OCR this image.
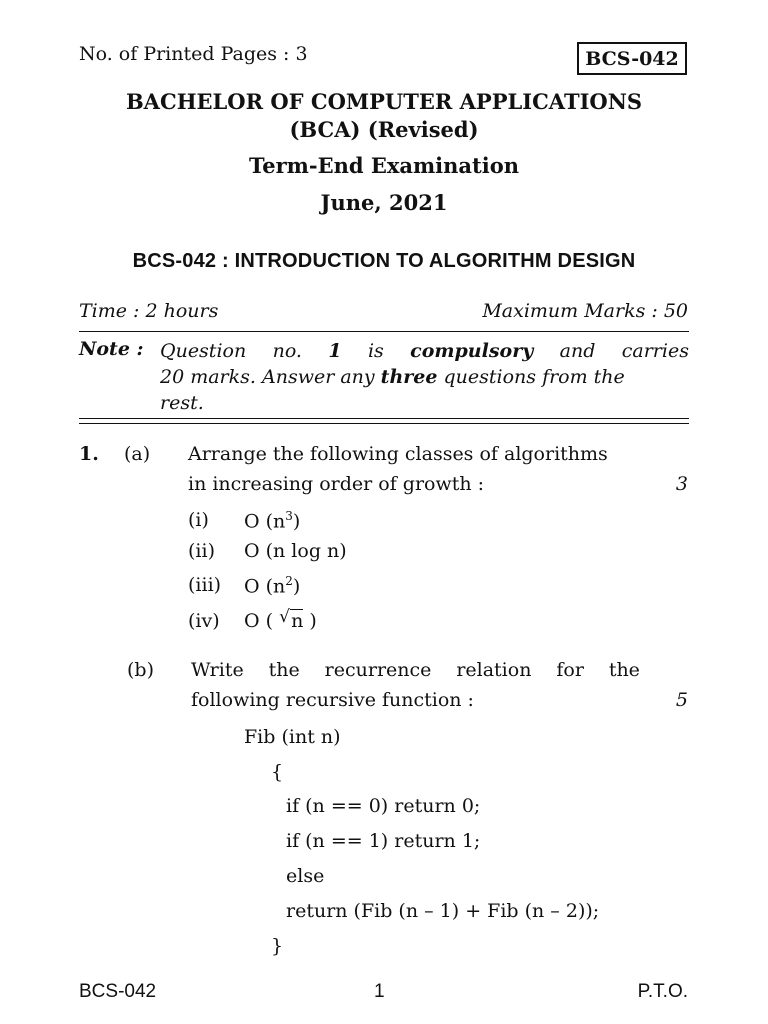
No. of Printed Pages : 3	BCS-042
BACHELOR OF COMPUTER APPLICATIONS
(BCA) (Revised)
Term-End Examination
June, 2021
BCS-042 : INTRODUCTION TO ALGORITHM DESIGN
Time : 2 hours	Maximum Marks : 50
Note : Question no. 1 is compulsory and carries
20 marks. Answer any three questions from the
rest.
1. (a) Arrange the following classes of algorithms
in increasing order of growth :	3
(i) O $(n^3)$
(ii) O (n log n)
(iii) O $(n^2)$
(iv) O ( √ n )
(b) Write the recurrence relation for the
following recursive function :	5
Fib (int n)
{
if (n == 0) return 0;
if (n == 1) return 1;
else
return (Fib (n – 1) + Fib (n – 2));
}
BCS-042	1	P.T.O.
